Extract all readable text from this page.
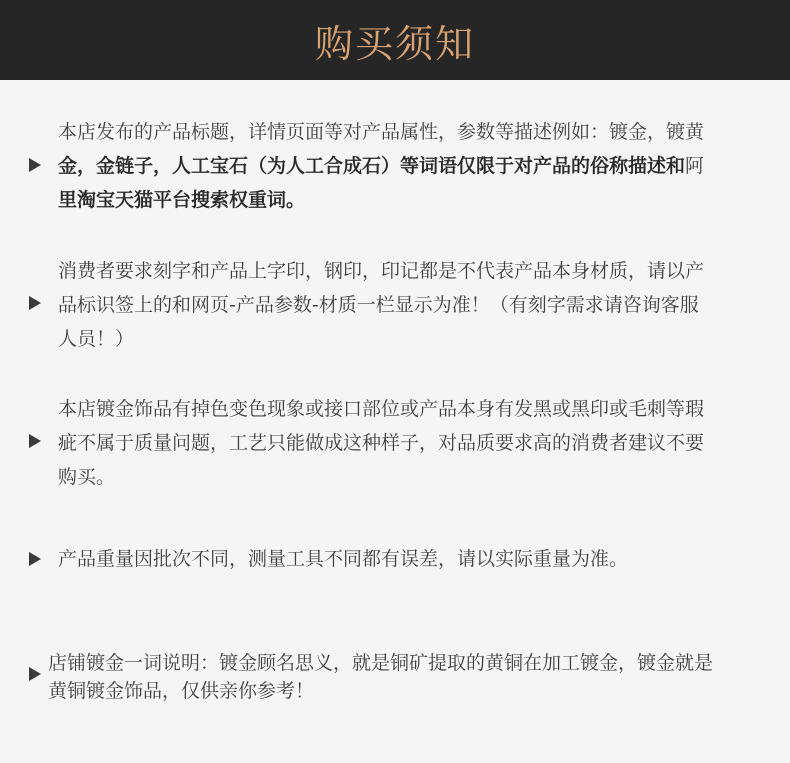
购买须知
本店发布的产品标题，详情页面等对产品属性，参数等描述例如：镀金，镀黄
金，金链子，人工宝石（为人工合成石）等词语仅限于对产品的俗称描述和阿
里淘宝天猫平台搜索权重词。
消费者要求刻字和产品上字印，钢印，印记都是不代表产品本身材质，请以产
品标识签上的和网页-产品参数-材质一栏显示为准！（有刻字需求请咨询客服
人员！）
本店镀金饰品有掉色变色现象或接口部位或产品本身有发黑或黑印或毛刺等瑕
疵不属于质量问题，工艺只能做成这种样子，对品质要求高的消费者建议不要
购买。
产品重量因批次不同，测量工具不同都有误差，请以实际重量为准。
店铺镀金一词说明：镀金顾名思义，就是铜矿提取的黄铜在加工镀金，镀金就是
黄铜镀金饰品，仅供亲你参考！
